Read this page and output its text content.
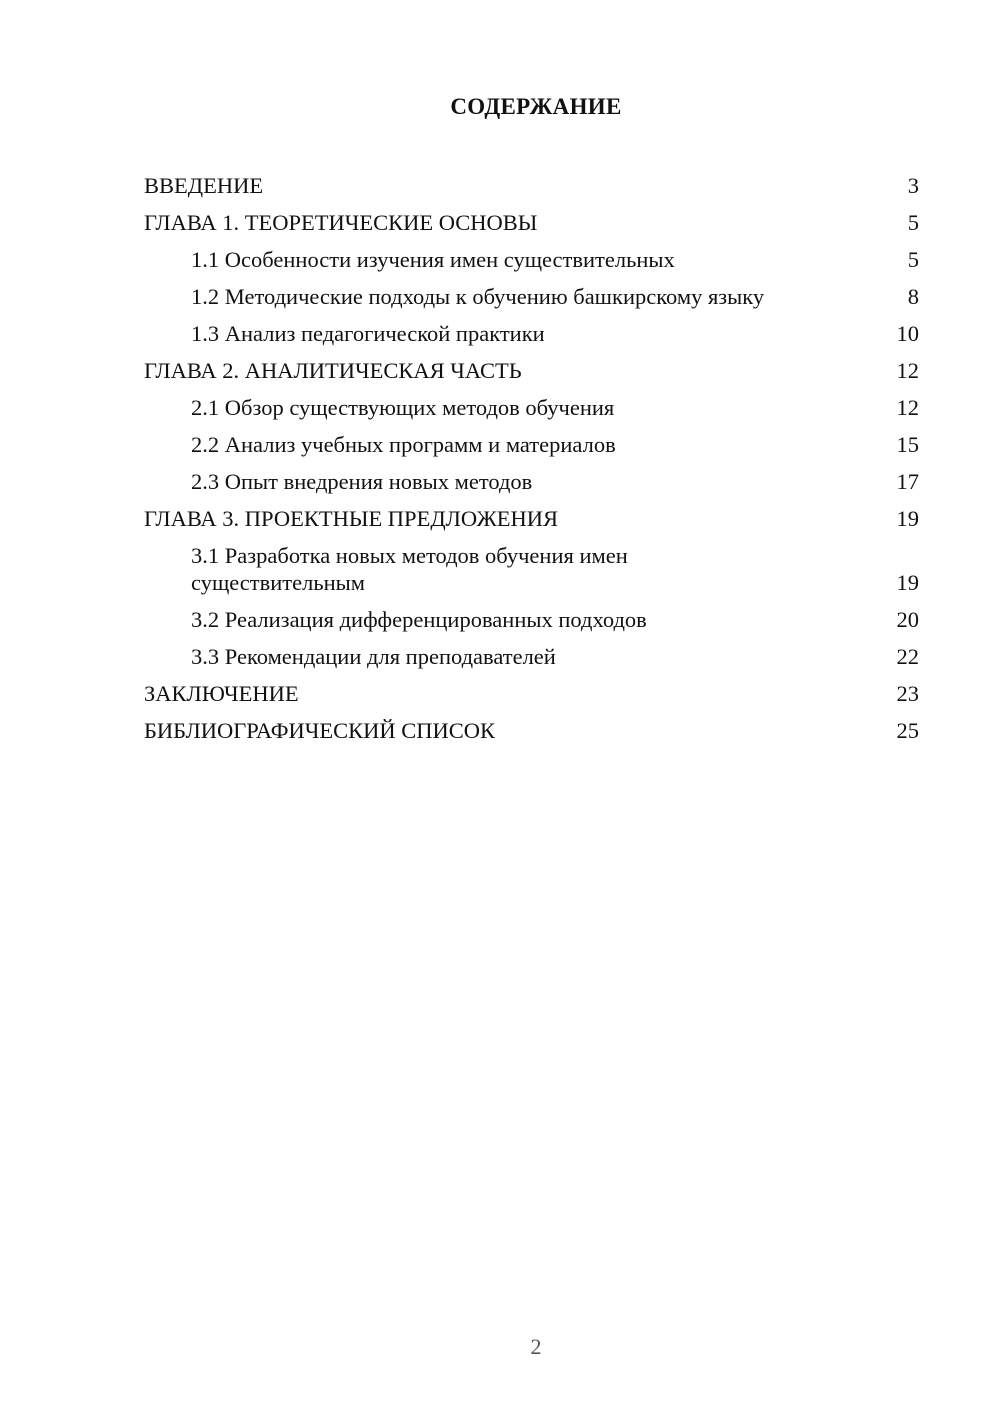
СОДЕРЖАНИЕ
ВВЕДЕНИЕ	3
ГЛАВА 1. ТЕОРЕТИЧЕСКИЕ ОСНОВЫ	5
1.1 Особенности изучения имен существительных	5
1.2 Методические подходы к обучению башкирскому языку	8
1.3 Анализ педагогической практики	10
ГЛАВА 2. АНАЛИТИЧЕСКАЯ ЧАСТЬ	12
2.1 Обзор существующих методов обучения	12
2.2 Анализ учебных программ и материалов	15
2.3 Опыт внедрения новых методов	17
ГЛАВА 3. ПРОЕКТНЫЕ ПРЕДЛОЖЕНИЯ	19
3.1 Разработка новых методов обучения имен существительным	19
3.2 Реализация дифференцированных подходов	20
3.3 Рекомендации для преподавателей	22
ЗАКЛЮЧЕНИЕ	23
БИБЛИОГРАФИЧЕСКИЙ СПИСОК	25
2
